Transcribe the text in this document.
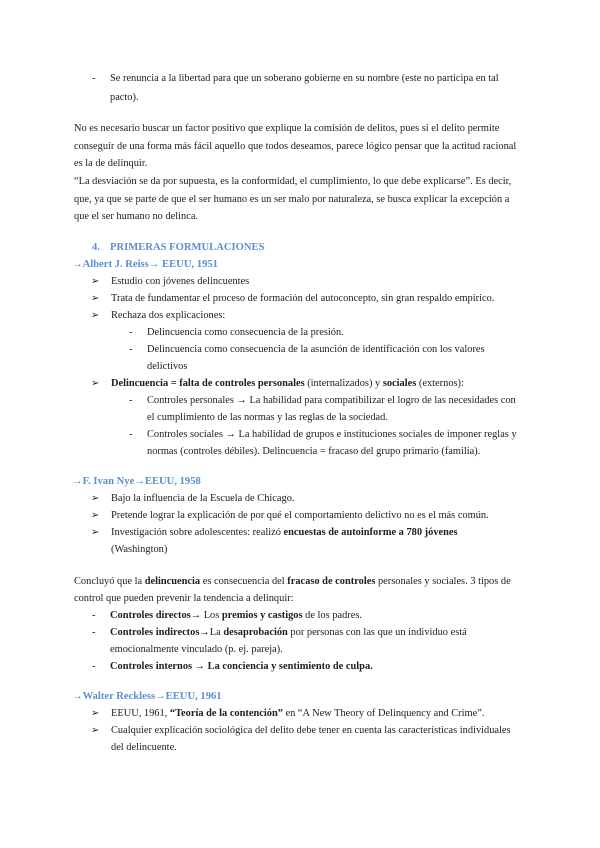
- Se renuncia a la libertad para que un soberano gobierne en su nombre (este no participa en tal
pacto).
No es necesario buscar un factor positivo que explique la comisión de delitos, pues si el delito permite
conseguir de una forma más fácil aquello que todos deseamos, parece lógico pensar que la actitud racional
es la de delinquir.
“La desviación se da por supuesta, es la conformidad, el cumplimiento, lo que debe explicarse”. Es decir,
que, ya que se parte de que el ser humano es un ser malo por naturaleza, se busca explicar la excepción a
que el ser humano no delinca.
4. PRIMERAS FORMULACIONES
→Albert J. Reiss→ EEUU, 1951
➢ Estudio con jóvenes delincuentes
➢ Trata de fundamentar el proceso de formación del autoconcepto, sin gran respaldo empírico.
➢ Rechaza dos explicaciones:
- Delincuencia como consecuencia de la presión.
- Delincuencia como consecuencia de la asunción de identificación con los valores
delictivos
➢ Delincuencia = falta de controles personales (internalizados) y sociales (externos):
- Controles personales → La habilidad para compatibilizar el logro de las necesidades con
el cumplimiento de las normas y las reglas de la sociedad.
- Controles sociales → La habilidad de grupos e instituciones sociales de imponer reglas y
normas (controles débiles). Delincuencia = fracaso del grupo primario (familia).
→F. Ivan Nye→EEUU, 1958
➢ Bajo la influencia de la Escuela de Chicago.
➢ Pretende lograr la explicación de por qué el comportamiento delictivo no es el más común.
➢ Investigación sobre adolescentes: realizó encuestas de autoinforme a 780 jóvenes
(Washington)
Concluyó que la delincuencia es consecuencia del fracaso de controles personales y sociales. 3 tipos de
control que pueden prevenir la tendencia a delinquir:
- Controles directos→ Los premios y castigos de los padres.
- Controles indirectos→La desaprobación por personas con las que un individuo está
emocionalmente vinculado (p. ej. pareja).
- Controles internos → La conciencia y sentimiento de culpa.
→Walter Reckless→EEUU, 1961
➢ EEUU, 1961, “Teoría de la contención” en “A New Theory of Delinquency and Crime”.
➢ Cualquier explicación sociológica del delito debe tener en cuenta las características individuales
del delincuente.
